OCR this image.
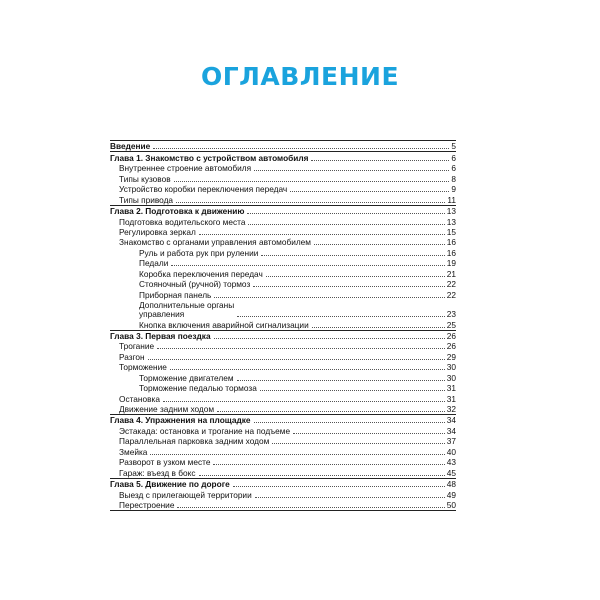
ОГЛАВЛЕНИЕ
Введение	5
Глава 1. Знакомство с устройством автомобиля	6
Внутреннее строение автомобиля	6
Типы кузовов	8
Устройство коробки переключения передач	9
Типы привода	11
Глава 2. Подготовка к движению	13
Подготовка водительского места	13
Регулировка зеркал	15
Знакомство с органами управления автомобилем	16
Руль и работа рук при рулении	16
Педали	19
Коробка переключения передач	21
Стояночный (ручной) тормоз	22
Приборная панель	22
Дополнительные органы
управления	23
Кнопка включения аварийной сигнализации	25
Глава 3. Первая поездка	26
Трогание	26
Разгон	29
Торможение	30
Торможение двигателем	30
Торможение педалью тормоза	31
Остановка	31
Движение задним ходом	32
Глава 4. Упражнения на площадке	34
Эстакада: остановка и трогание на подъеме	34
Параллельная парковка задним ходом	37
Змейка	40
Разворот в узком месте	43
Гараж: въезд в бокс	45
Глава 5. Движение по дороге	48
Выезд с прилегающей территории	49
Перестроение	50
